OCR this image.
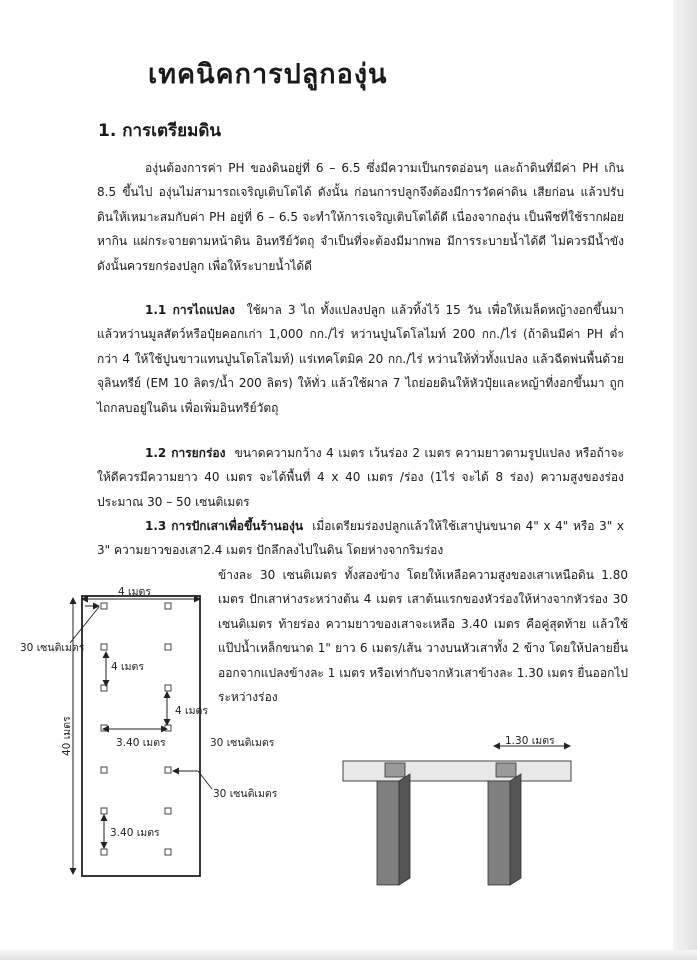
เทคนิคการปลูกองุ่น
1. การเตรียมดิน

องุ่นต้องการค่า PH ของดินอยู่ที่ 6 – 6.5 ซึ่งมีความเป็นกรดอ่อนๆ และถ้าดินที่มีค่า PH เกิน 8.5 ขึ้นไป องุ่นไม่สามารถเจริญเติบโตได้ ดังนั้น ก่อนการปลูกจึงต้องมีการวัดค่าดิน เสียก่อน แล้วปรับดินให้เหมาะสมกับค่า PH อยู่ที่ 6 – 6.5 จะทำให้การเจริญเติบโตได้ดี เนื่องจากองุ่น เป็นพืชที่ใช้รากฝอยหากิน แผ่กระจายตามหน้าดิน อินทรีย์วัตถุ จำเป็นที่จะต้องมีมากพอ มีการระบายน้ำได้ดี ไม่ควรมีน้ำขัง ดังนั้นควรยกร่องปลูก เพื่อให้ระบายน้ำได้ดี

1.1 การไถแปลง ใช้ผาล 3 ไถ ทั้งแปลงปลูก แล้วทิ้งไว้ 15 วัน เพื่อให้เมล็ดหญ้างอกขึ้นมาแล้วหว่านมูลสัตว์หรือปุ๋ยคอกเก่า 1,000 กก./ไร่ หว่านปูนโดโลไมท์ 200 กก./ไร่ (ถ้าดินมีค่า PH ต่ำกว่า 4 ให้ใช้ปูนขาวแทนปูนโดโลไมท์) แร่เทคโตมิค 20 กก./ไร่ หว่านให้ทั่วทั้งแปลง แล้วฉีดพ่นพื้นด้วย จุลินทรีย์ (EM 10 ลิตร/น้ำ 200 ลิตร) ให้ทั่ว แล้วใช้ผาล 7 ไถย่อยดินให้หัวปุ๋ยและหญ้าที่งอกขึ้นมา ถูกไถกลบอยู่ในดิน เพื่อเพิ่มอินทรีย์วัตถุ

1.2 การยกร่อง ขนาดความกว้าง 4 เมตร เว้นร่อง 2 เมตร ความยาวตามรูปแปลง หรือถ้าจะให้ดีควรมีความยาว 40 เมตร จะได้พื้นที่ 4 x 40 เมตร /ร่อง (1ไร่ จะได้ 8 ร่อง) ความสูงของร่องประมาณ 30 – 50 เซนติเมตร

1.3 การปักเสาเพื่อขึ้นร้านองุ่น เมื่อเตรียมร่องปลูกแล้วให้ใช้เสาปูนขนาด 4" x 4" หรือ 3" x 3" ความยาวของเสา2.4 เมตร ปักลึกลงไปในดิน โดยห่างจากริมร่อง

ข้างละ 30 เซนติเมตร ทั้งสองข้าง โดยให้เหลือความสูงของเสาเหนือดิน 1.80 เมตร ปักเสาห่างระหว่างต้น 4 เมตร เสาต้นแรกของหัวร่องให้ห่างจากหัวร่อง 30 เซนติเมตร ท้ายร่อง ความยาวของเสาจะเหลือ 3.40 เมตร คือคู่สุดท้าย แล้วใช้แป๊ปน้ำเหล็กขนาด 1" ยาว 6 เมตร/เส้น วางบนหัวเสาทั้ง 2 ข้าง โดยให้ปลายยื่นออกจากแปลงข้างละ 1 เมตร หรือเท่ากับจากหัวเสาข้างละ 1.30 เมตร ยื่นออกไประหว่างร่อง

4 เมตร
40 เมตร
30 เซนติเมตร
4 เมตร
4 เมตร
3.40 เมตร	30 เซนติเมตร
30 เซนติเมตร
3.40 เมตร
1.30 เมตร
